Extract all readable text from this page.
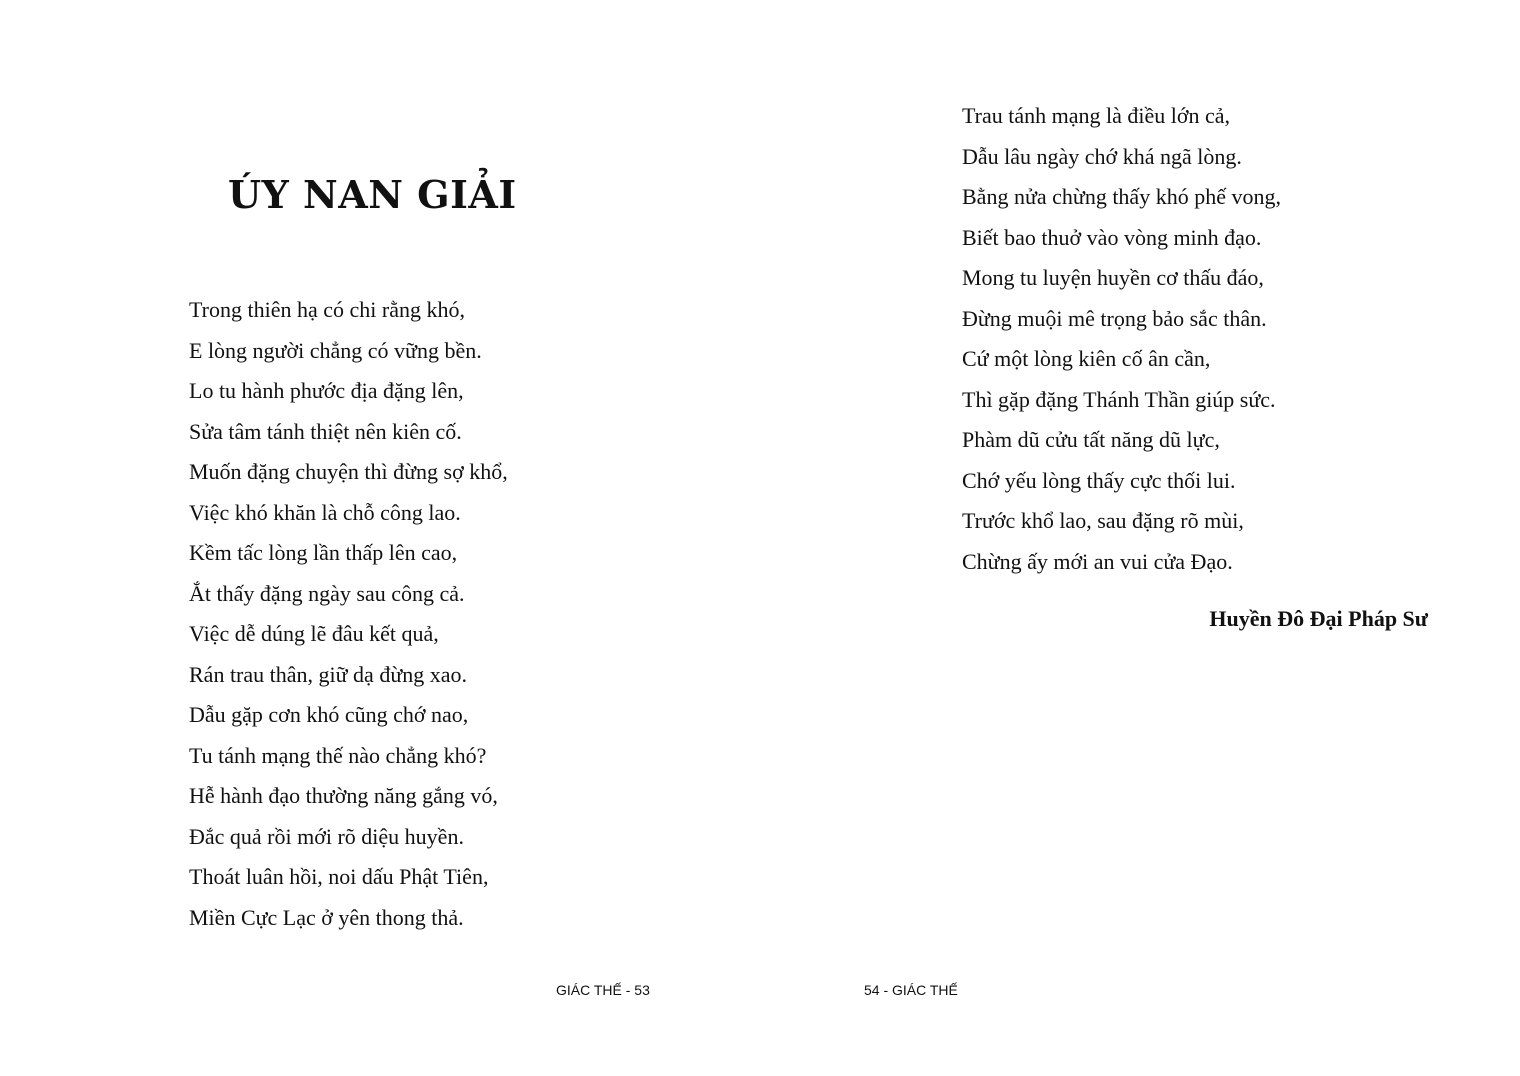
ÚY NAN GIẢI
Trong thiên hạ có chi rằng khó,
E lòng người chẳng có vững bền.
Lo tu hành phước địa đặng lên,
Sửa tâm tánh thiệt nên kiên cố.
Muốn đặng chuyện thì đừng sợ khổ,
Việc khó khăn là chỗ công lao.
Kềm tấc lòng lần thấp lên cao,
Ắt thấy đặng ngày sau công cả.
Việc dễ dúng lẽ đâu kết quả,
Rán trau thân, giữ dạ đừng xao.
Dẫu gặp cơn khó cũng chớ nao,
Tu tánh mạng thế nào chẳng khó?
Hễ hành đạo thường năng gắng vó,
Đắc quả rồi mới rõ diệu huyền.
Thoát luân hồi, noi dấu Phật Tiên,
Miền Cực Lạc ở yên thong thả.
GIÁC THẾ - 53
Trau tánh mạng là điều lớn cả,
Dẫu lâu ngày chớ khá ngã lòng.
Bằng nửa chừng thấy khó phế vong,
Biết bao thuở vào vòng minh đạo.
Mong tu luyện huyền cơ thấu đáo,
Đừng muội mê trọng bảo sắc thân.
Cứ một lòng kiên cố ân cần,
Thì gặp đặng Thánh Thần giúp sức.
Phàm dũ cửu tất năng dũ lực,
Chớ yếu lòng thấy cực thối lui.
Trước khổ lao, sau đặng rõ mùi,
Chừng ấy mới an vui cửa Đạo.
Huyền Đô Đại Pháp Sư
54 - GIÁC THẾ
